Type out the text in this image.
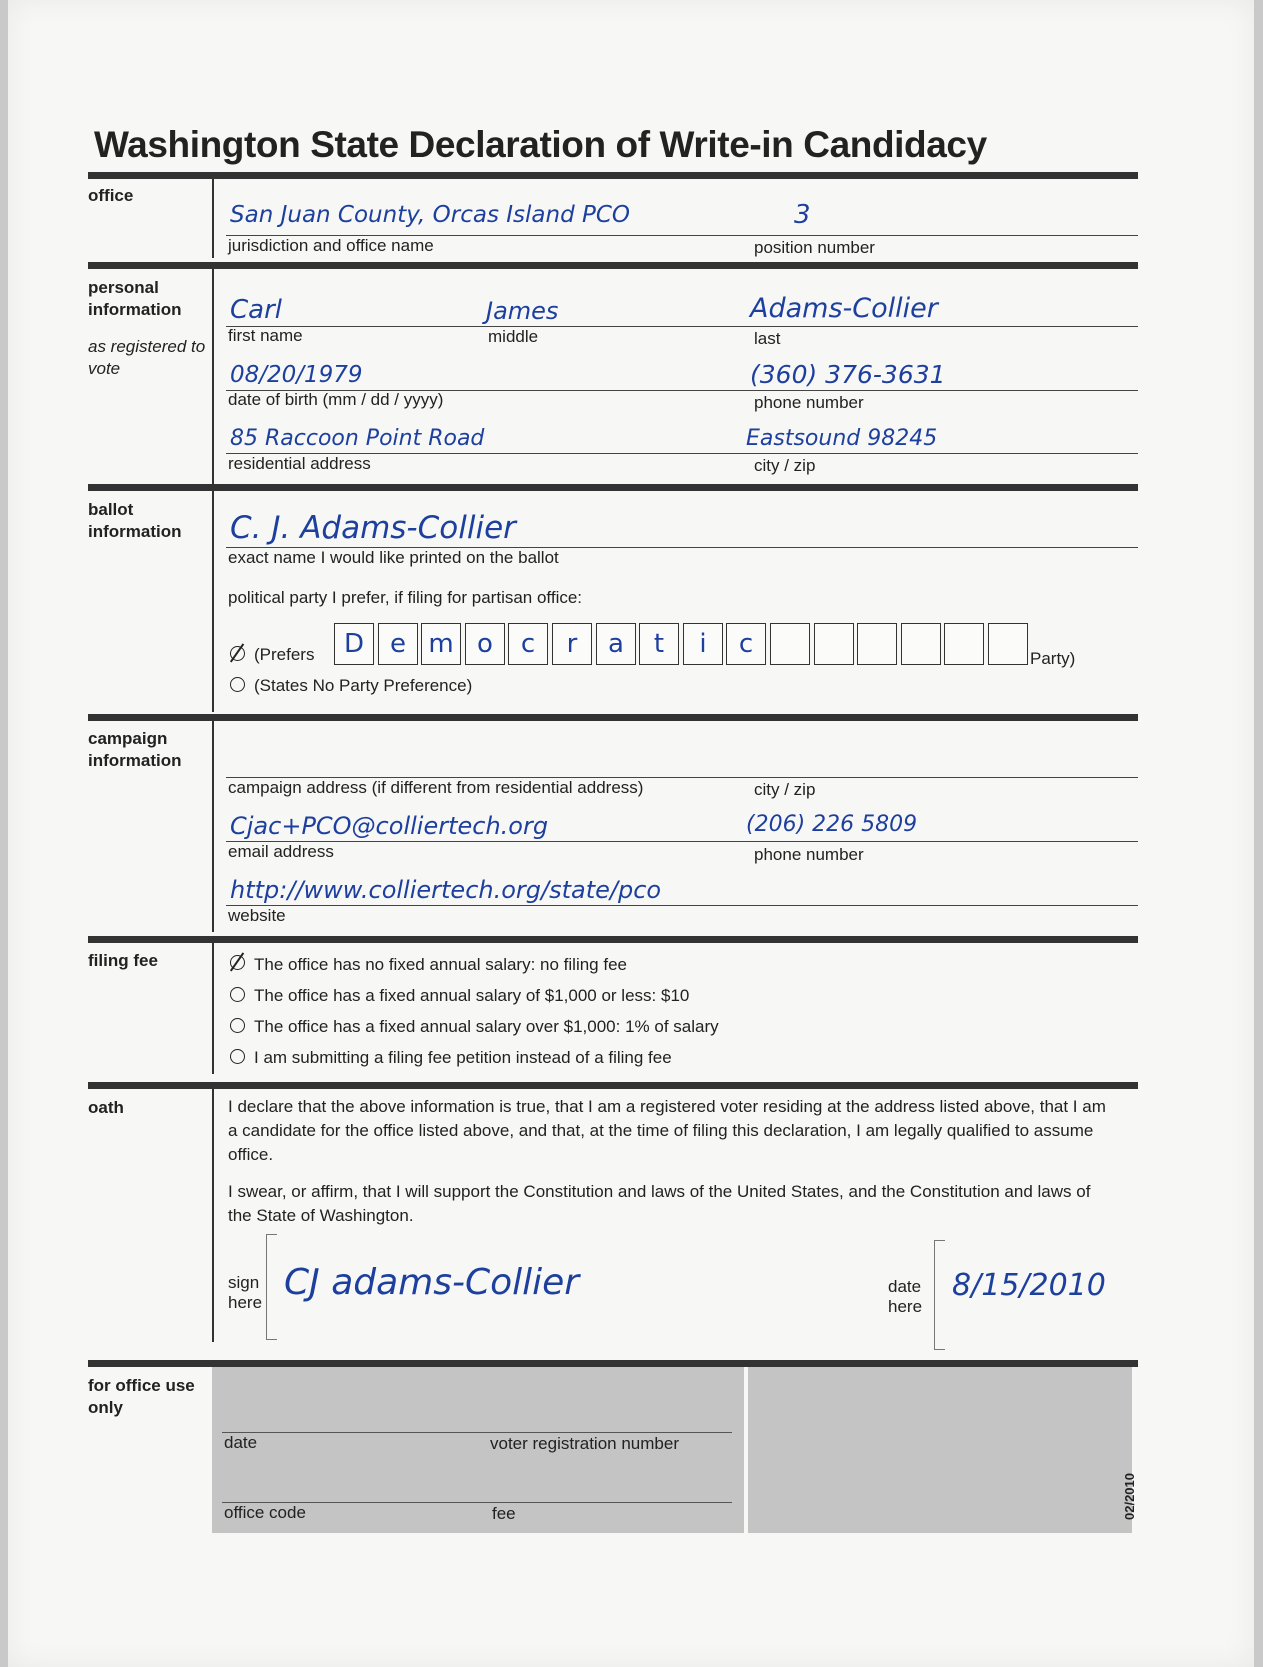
Washington State Declaration of Write-in Candidacy
office
San Juan County, Orcas Island PCO	3
jurisdiction and office name	position number
personal information
as registered to vote
Carl	James	Adams-Collier
first name	middle	last
08/20/1979	(360) 376-3631
date of birth (mm / dd / yyyy)	phone number
85 Raccoon Point Road	Eastsound 98245
residential address	city / zip
ballot information	C. J. Adams-Collier
exact name I would like printed on the ballot
political party I prefer, if filing for partisan office:
(Prefers	D e m o	c	r	a	t	i	c	Party)
(States No Party Preference)
campaign information
campaign address (if different from residential address)	city / zip
Cjac+PCO@colliertech.org	(206) 226 5809
email address	phone number
http://www.colliertech.org/state/pco
website
filing fee	The office has no fixed annual salary: no filing fee
The office has a fixed annual salary of $1,000 or less: $10
The office has a fixed annual salary over $1,000: 1% of salary
I am submitting a filing fee petition instead of a filing fee
oath	I declare that the above information is true, that I am a registered voter residing at the address listed above, that I am a candidate for the office listed above, and that, at the time of filing this declaration, I am legally qualified to assume office.
I swear, or affirm, that I will support the Constitution and laws of the United States, and the Constitution and laws of the State of Washington.
sign here CJ adams-Collier	date here
8/15/2010
for office use only
date	voter registration number
office code	fee	02/2010
